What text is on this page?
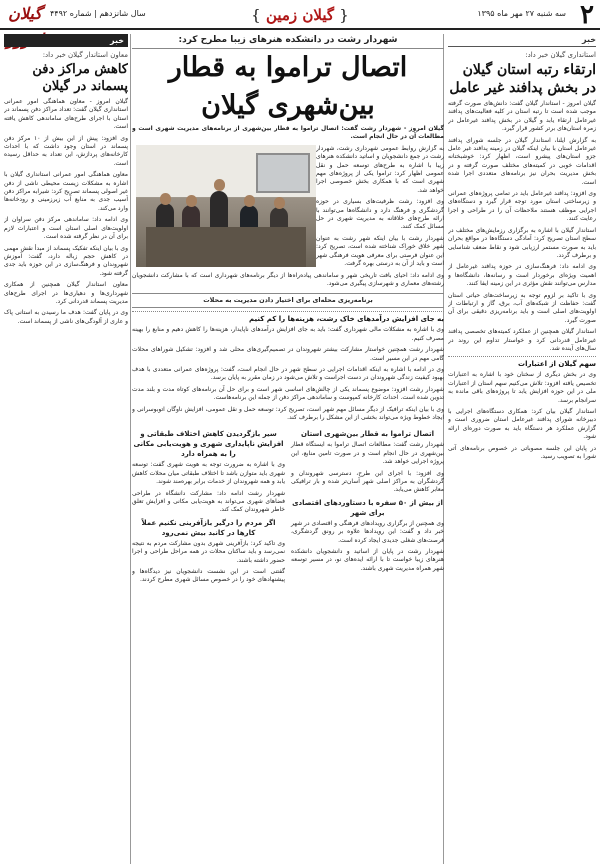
۲
سه شنبه ۲۷ مهر ماه ۱۳۹۵
{ گیلان زمین }
سال شانزدهم | شماره ۴۴۹۲
گیلان
خبر
استانداری گیلان خبر داد:
ارتقاء رتبه استان گیلان در بخش پدافند غیر عامل

گیلان امروز - استاندار گیلان گفت: دانش‌های صورت گرفته موجب شده است تا رتبه استان در کلیه فعالیت‌های پدافند غیرعامل ارتقاء یابد و گیلان در بخش پدافند غیرعامل در زمره استان‌های برتر کشور قرار گیرد.

به گزارش ایلنا، استاندار گیلان در جلسه شورای پدافند غیرعامل استان با بیان اینکه گیلان در زمینه پدافند غیر عامل جزو استان‌های پیشرو است، اظهار کرد: خوشبختانه اقدامات خوبی در کمیته‌های مختلف صورت گرفته و در بخش مدیریت بحران نیز برنامه‌های متعددی اجرا شده است.

وی افزود: پدافند غیرعامل باید در تمامی پروژه‌های عمرانی و زیرساختی استان مورد توجه قرار گیرد و دستگاه‌های اجرایی موظف هستند ملاحظات آن را در طراحی و اجرا رعایت کنند.

استاندار گیلان با اشاره به برگزاری رزمایش‌های مختلف در سطح استان تصریح کرد: آمادگی دستگاه‌ها در مواقع بحران باید به صورت مستمر ارزیابی شود و نقاط ضعف شناسایی و برطرف گردد.

وی ادامه داد: فرهنگ‌سازی در حوزه پدافند غیرعامل از اهمیت ویژه‌ای برخوردار است و رسانه‌ها، دانشگاه‌ها و مدارس می‌توانند نقش مؤثری در این زمینه ایفا کنند.

وی با تاکید بر لزوم توجه به زیرساخت‌های حیاتی استان گفت: حفاظت از شبکه‌های آب، برق، گاز و ارتباطات از اولویت‌های اصلی است و باید برنامه‌ریزی دقیقی برای آن صورت گیرد.

استاندار گیلان همچنین از عملکرد کمیته‌های تخصصی پدافند غیرعامل قدردانی کرد و خواستار تداوم این روند در سال‌های آینده شد.

سهم گیلان از اعتبارات

وی در بخش دیگری از سخنان خود با اشاره به اعتبارات تخصیص یافته افزود: تلاش می‌کنیم سهم استان از اعتبارات ملی در این حوزه افزایش یابد تا پروژه‌های باقی مانده به سرانجام برسد.

استاندار گیلان بیان کرد: همکاری دستگاه‌های اجرایی با دبیرخانه شورای پدافند غیرعامل استان ضروری است و گزارش عملکرد هر دستگاه باید به صورت دوره‌ای ارائه شود.

در پایان این جلسه مصوباتی در خصوص برنامه‌های آتی شورا به تصویب رسید.

شهردار رشت در دانشکده هنرهای زیبا مطرح کرد:
اتصال تراموا به قطار بین‌شهری گیلان

گیلان امروز - شهردار رشت گفت: اتصال تراموا به قطار بین‌شهری از برنامه‌های مدیریت شهری است و مطالعات آن در حال انجام است.

به گزارش روابط عمومی شهرداری رشت، شهردار رشت در جمع دانشجویان و اساتید دانشکده هنرهای زیبا با اشاره به طرح‌های توسعه حمل و نقل عمومی اظهار کرد: تراموا یکی از پروژه‌های مهم شهری است که با همکاری بخش خصوصی اجرا خواهد شد.

وی افزود: رشت ظرفیت‌های بسیاری در حوزه گردشگری و فرهنگ دارد و دانشگاه‌ها می‌توانند با ارائه طرح‌های خلاقانه به مدیریت شهری در حل مسائل کمک کنند.

شهردار رشت با بیان اینکه شهر رشت به عنوان شهر خلاق خوراک شناخته شده است، تصریح کرد: این عنوان فرصتی برای معرفی هویت فرهنگی شهر است و باید از آن به درستی بهره گرفت.

وی ادامه داد: احیای بافت تاریخی شهر و ساماندهی پیاده‌راه‌ها از دیگر برنامه‌های شهرداری است که با مشارکت دانشجویان رشته‌های معماری و شهرسازی پیگیری می‌شود.

برنامه‌ریزی محله‌ای برای اختیار دادن مدیریت به محلات
به جای افزایش درآمدهای خاک رشت، هزینه‌ها را کم کنیم

وی با اشاره به مشکلات مالی شهرداری گفت: باید به جای افزایش درآمدهای ناپایدار، هزینه‌ها را کاهش دهیم و منابع را بهینه مصرف کنیم.

شهردار رشت همچنین خواستار مشارکت بیشتر شهروندان در تصمیم‌گیری‌های محلی شد و افزود: تشکیل شوراهای محلات گامی مهم در این مسیر است.

وی در ادامه با اشاره به اینکه اقدامات اجرایی در سطح شهر در حال انجام است، گفت: پروژه‌های عمرانی متعددی با هدف بهبود کیفیت زندگی شهروندان در دست اجراست و تلاش می‌شود در زمان مقرر به پایان برسد.

شهردار رشت افزود: موضوع پسماند یکی از چالش‌های اساسی شهر است و برای حل آن برنامه‌های کوتاه مدت و بلند مدت تدوین شده است. احداث کارخانه کمپوست و ساماندهی مراکز دفن از جمله این برنامه‌هاست.

وی با بیان اینکه ترافیک از دیگر مسائل مهم شهر است، تصریح کرد: توسعه حمل و نقل عمومی، افزایش ناوگان اتوبوسرانی و ایجاد خطوط ویژه می‌تواند بخشی از این مشکل را برطرف کند.

اتصال تراموا به قطار بین‌شهری استان

شهردار رشت گفت: مطالعات اتصال تراموا به ایستگاه قطار بین‌شهری در حال انجام است و در صورت تامین منابع، این پروژه اجرایی خواهد شد.

وی افزود: با اجرای این طرح، دسترسی شهروندان و گردشگران به مراکز اصلی شهر آسان‌تر شده و بار ترافیکی معابر کاهش می‌یابد.

از بیش از ۵۰ سفره با دستاوردهای اقتصادی برای شهر

وی همچنین از برگزاری رویدادهای فرهنگی و اقتصادی در شهر خبر داد و گفت: این رویدادها علاوه بر رونق گردشگری، فرصت‌های شغلی جدیدی ایجاد کرده است.

شهردار رشت در پایان از اساتید و دانشجویان دانشکده هنرهای زیبا خواست تا با ارائه ایده‌های نو، در مسیر توسعه شهر همراه مدیریت شهری باشند.

سیر بازگردیدن کاهش اختلاف طبقاتی و افزایش ناپایداری شهری و هویت‌یابی مکانی را به همراه دارد

وی با اشاره به ضرورت توجه به هویت شهری گفت: توسعه شهری باید متوازن باشد تا اختلاف طبقاتی میان محلات کاهش یابد و همه شهروندان از خدمات برابر بهره‌مند شوند.

شهردار رشت ادامه داد: مشارکت دانشگاه در طراحی فضاهای شهری می‌تواند به هویت‌یابی مکانی و افزایش تعلق خاطر شهروندان کمک کند.

اگر مردم را درگیر بازآفرینی نکنیم عملاً کارها در کانبد بیش نمی‌رود

وی تاکید کرد: بازآفرینی شهری بدون مشارکت مردم به نتیجه نمی‌رسد و باید ساکنان محلات در همه مراحل طراحی و اجرا حضور داشته باشند.

گفتنی است در این نشست دانشجویان نیز دیدگاه‌ها و پیشنهادهای خود را در خصوص مسائل شهری مطرح کردند.

خبر
معاون استاندار گیلان خبر داد:
کاهش مراکز دفن پسماند در گیلان

گیلان امروز - معاون هماهنگی امور عمرانی استانداری گیلان گفت: تعداد مراکز دفن پسماند در استان با اجرای طرح‌های ساماندهی کاهش یافته است.

وی افزود: پیش از این بیش از ۱۰ مرکز دفن پسماند در استان وجود داشت که با احداث کارخانه‌های پردازش، این تعداد به حداقل رسیده است.

معاون هماهنگی امور عمرانی استانداری گیلان با اشاره به مشکلات زیست محیطی ناشی از دفن غیر اصولی پسماند تصریح کرد: شیرابه مراکز دفن آسیب جدی به منابع آب زیرزمینی و رودخانه‌ها وارد می‌کند.

وی ادامه داد: ساماندهی مرکز دفن سراوان از اولویت‌های اصلی استان است و اعتبارات لازم برای آن در نظر گرفته شده است.

وی با بیان اینکه تفکیک پسماند از مبدأ نقش مهمی در کاهش حجم زباله دارد، گفت: آموزش شهروندان و فرهنگ‌سازی در این حوزه باید جدی گرفته شود.

معاون استاندار گیلان همچنین از همکاری شهرداری‌ها و دهیاری‌ها در اجرای طرح‌های مدیریت پسماند قدردانی کرد.

وی در پایان گفت: هدف ما رسیدن به استانی پاک و عاری از آلودگی‌های ناشی از پسماند است.
